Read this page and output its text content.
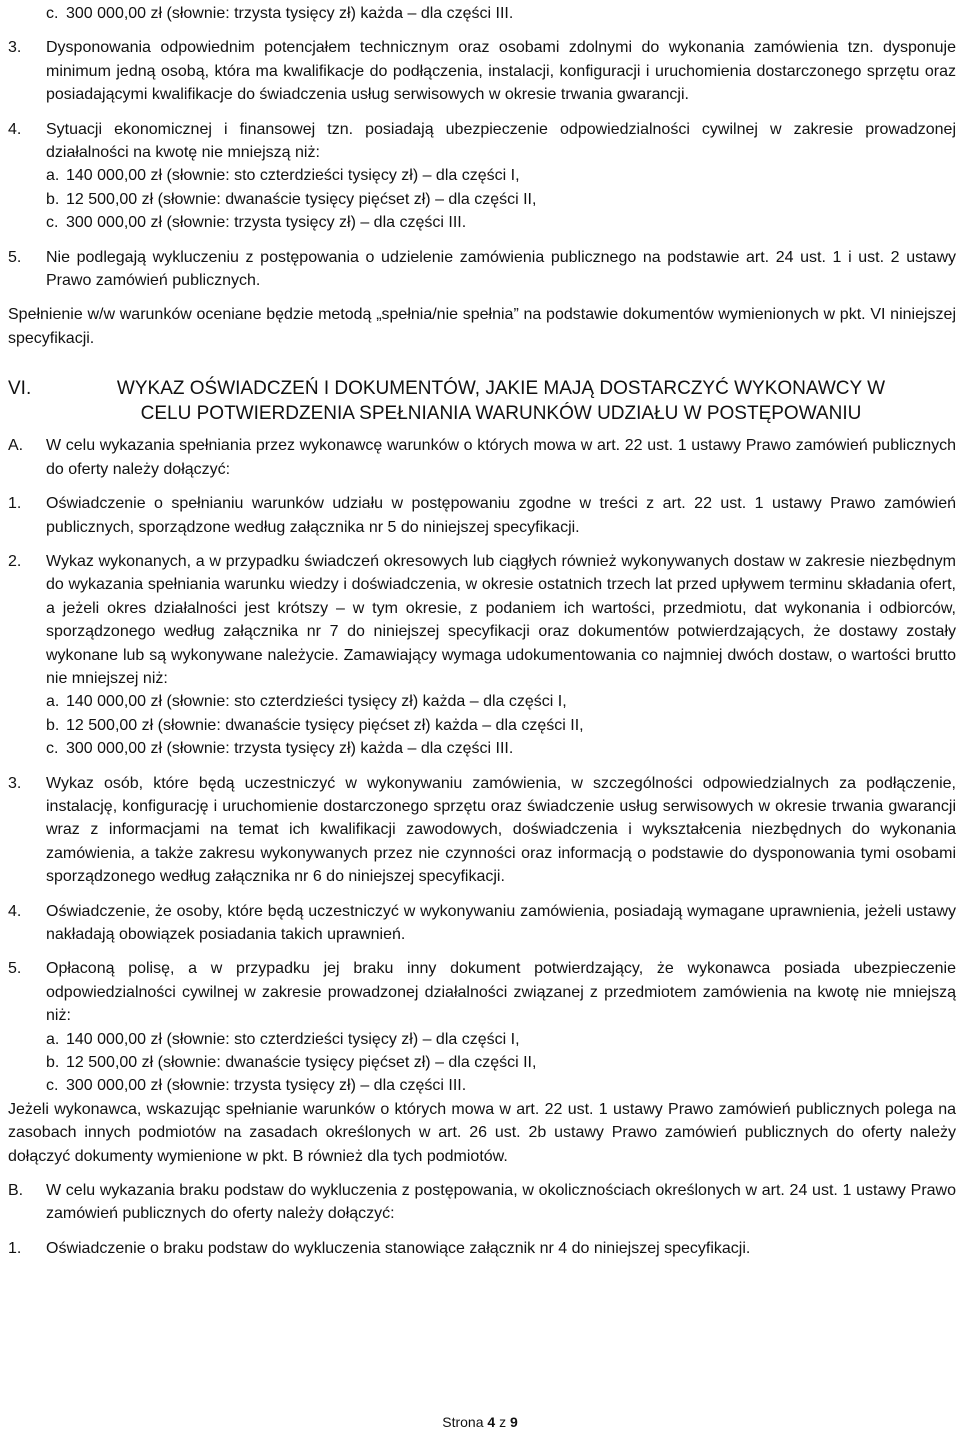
c. 300 000,00 zł (słownie: trzysta tysięcy zł) każda – dla części III.
3.	Dysponowania odpowiednim potencjałem technicznym oraz osobami zdolnymi do wykonania zamówienia tzn. dysponuje minimum jedną osobą, która ma kwalifikacje do podłączenia, instalacji, konfiguracji i uruchomienia dostarczonego sprzętu oraz posiadającymi kwalifikacje do świadczenia usług serwisowych w okresie trwania gwarancji.
4.	Sytuacji ekonomicznej i finansowej tzn. posiadają ubezpieczenie odpowiedzialności cywilnej w zakresie prowadzonej działalności na kwotę nie mniejszą niż:
a. 140 000,00 zł (słownie: sto czterdzieści tysięcy zł) – dla części I,
b. 12 500,00 zł (słownie: dwanaście tysięcy pięćset zł) – dla części II,
c. 300 000,00 zł (słownie: trzysta tysięcy zł) – dla części III.
5.	Nie podlegają wykluczeniu z postępowania o udzielenie zamówienia publicznego na podstawie art. 24 ust. 1 i ust. 2 ustawy Prawo zamówień publicznych.

Spełnienie w/w warunków oceniane będzie metodą „spełnia/nie spełnia” na podstawie dokumentów wymienionych w pkt. VI niniejszej specyfikacji.

VI.	WYKAZ OŚWIADCZEŃ I DOKUMENTÓW, JAKIE MAJĄ DOSTARCZYĆ WYKONAWCY W
CELU POTWIERDZENIA SPEŁNIANIA WARUNKÓW UDZIAŁU W POSTĘPOWANIU
A.	W celu wykazania spełniania przez wykonawcę warunków o których mowa w art. 22 ust. 1 ustawy Prawo zamówień publicznych do oferty należy dołączyć:
1.	Oświadczenie o spełnianiu warunków udziału w postępowaniu zgodne w treści z art. 22 ust. 1 ustawy Prawo zamówień publicznych, sporządzone według załącznika nr 5 do niniejszej specyfikacji.
2.	Wykaz wykonanych, a w przypadku świadczeń okresowych lub ciągłych również wykonywanych dostaw w zakresie niezbędnym do wykazania spełniania warunku wiedzy i doświadczenia, w okresie ostatnich trzech lat przed upływem terminu składania ofert, a jeżeli okres działalności jest krótszy – w tym okresie, z podaniem ich wartości, przedmiotu, dat wykonania i odbiorców, sporządzonego według załącznika nr 7 do niniejszej specyfikacji oraz dokumentów potwierdzających, że dostawy zostały wykonane lub są wykonywane należycie. Zamawiający wymaga udokumentowania co najmniej dwóch dostaw, o wartości brutto nie mniejszej niż:
a. 140 000,00 zł (słownie: sto czterdzieści tysięcy zł) każda – dla części I,
b. 12 500,00 zł (słownie: dwanaście tysięcy pięćset zł) każda – dla części II,
c. 300 000,00 zł (słownie: trzysta tysięcy zł) każda – dla części III.
3.	Wykaz osób, które będą uczestniczyć w wykonywaniu zamówienia, w szczególności odpowiedzialnych za podłączenie, instalację, konfigurację i uruchomienie dostarczonego sprzętu oraz świadczenie usług serwisowych w okresie trwania gwarancji wraz z informacjami na temat ich kwalifikacji zawodowych, doświadczenia i wykształcenia niezbędnych do wykonania zamówienia, a także zakresu wykonywanych przez nie czynności oraz informacją o podstawie do dysponowania tymi osobami sporządzonego według załącznika nr 6 do niniejszej specyfikacji.
4.	Oświadczenie, że osoby, które będą uczestniczyć w wykonywaniu zamówienia, posiadają wymagane uprawnienia, jeżeli ustawy nakładają obowiązek posiadania takich uprawnień.
5.	Opłaconą polisę, a w przypadku jej braku inny dokument potwierdzający, że wykonawca posiada ubezpieczenie odpowiedzialności cywilnej w zakresie prowadzonej działalności związanej z przedmiotem zamówienia na kwotę nie mniejszą niż:
a. 140 000,00 zł (słownie: sto czterdzieści tysięcy zł) – dla części I,
b. 12 500,00 zł (słownie: dwanaście tysięcy pięćset zł) – dla części II,
c. 300 000,00 zł (słownie: trzysta tysięcy zł) – dla części III.

Jeżeli wykonawca, wskazując spełnianie warunków o których mowa w art. 22 ust. 1 ustawy Prawo zamówień publicznych polega na zasobach innych podmiotów na zasadach określonych w art. 26 ust. 2b ustawy Prawo zamówień publicznych do oferty należy dołączyć dokumenty wymienione w pkt. B również dla tych podmiotów.

B.	W celu wykazania braku podstaw do wykluczenia z postępowania, w okolicznościach określonych w art. 24 ust. 1 ustawy Prawo zamówień publicznych do oferty należy dołączyć:
1.	Oświadczenie o braku podstaw do wykluczenia stanowiące załącznik nr 4 do niniejszej specyfikacji.
Strona 4 z 9
